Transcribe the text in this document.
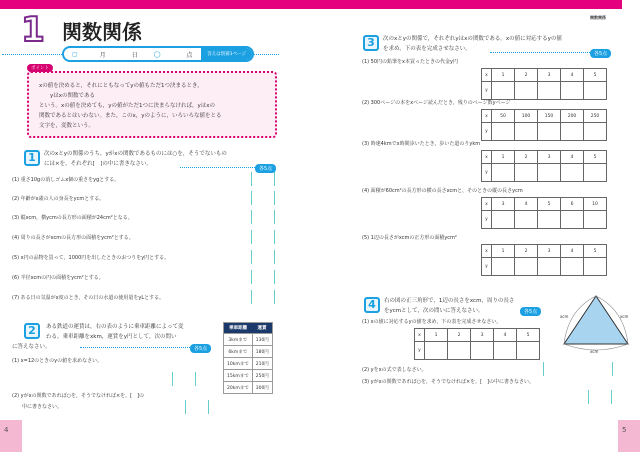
関数関係
1 関数関係
▢	月	日	◯	点	答えは別冊1ページ
xの値を決めると，それにともなってyの値もただ1つ決まるとき，
　　yはxの関数である
という。xの値を決めても，yの値がただ1つに決まらなければ，yはxの
関数であるとはいわない。また，このx，yのように，いろいろな値をとる
文字を，変数という。
ポイント
1	次のxとyの関係のうち，yがxの関数であるものには○を，そうでないもの
には×を，それぞれ[　]の中に書きなさい。
各5点
(1) 重さ10gの消しゴムx個の重さをygとする。
(2) 年齢がx歳の人の身長をycmとする。
(3) 縦xcm，横ycmの長方形の面積が24cm²となる。
(4) 周りの長さがxcmの長方形の面積をycm²とする。
(5) x円の品物を買って，1000円を出したときのおつりをy円とする。
(6) 半径xcmの円の面積をycm²とする。
(7) ある日の気温がx度のとき，その日の水道の使用量をyLとする。
2	ある鉄道の運賃は，右の表のように乗車距離によって変
わる。乗車距離をxkm，運賃をy円として，次の問い
に答えなさい。	各5点
(1) x=12のときのyの値を求めなさい。
(2) yがxの関数であれば○を，そうでなければ×を，[　]の
中に書きなさい。
乗車距離	運賃
3kmまで	130円
6kmまで	180円
10kmまで	210円
15kmまで	250円
20kmまで	300円
3	次のxとyの関係で，それぞれyはxの関数である。xの値に対応するyの値
を求め，下の表を完成させなさい。
各5点
(1) 50円の鉛筆をx本買ったときの代金y円
x	1	2	3	4	5
y					
(2) 300ページの本をxページ読んだとき，残りのページ数yページ
x	50	100	150	200	250
y					
(3) 時速4kmでx時間歩いたとき，歩いた道のりykm
x	1	2	3	4	5
y					
(4) 面積が60cm²の長方形の横の長さxcmと，そのときの縦の長さycm
x	3	4	5	6	10
y					
(5) 1辺の長さがxcmの正方形の面積ycm²
x	1	2	3	4	5
y					
4	右の図の正三角形で，1辺の長さをxcm，周りの長さ
をycmとして，次の問いに答えなさい。	各5点
(1) xの値に対応するyの値を求め，下の表を完成させなさい。
x	1	2	3	4	5
y					
(2) yをxの式で表しなさい。
(3) yがxの関数であれば○を，そうでなければ×を，[　]の中に書きなさい。
xcm	xcm
xcm
4	5
